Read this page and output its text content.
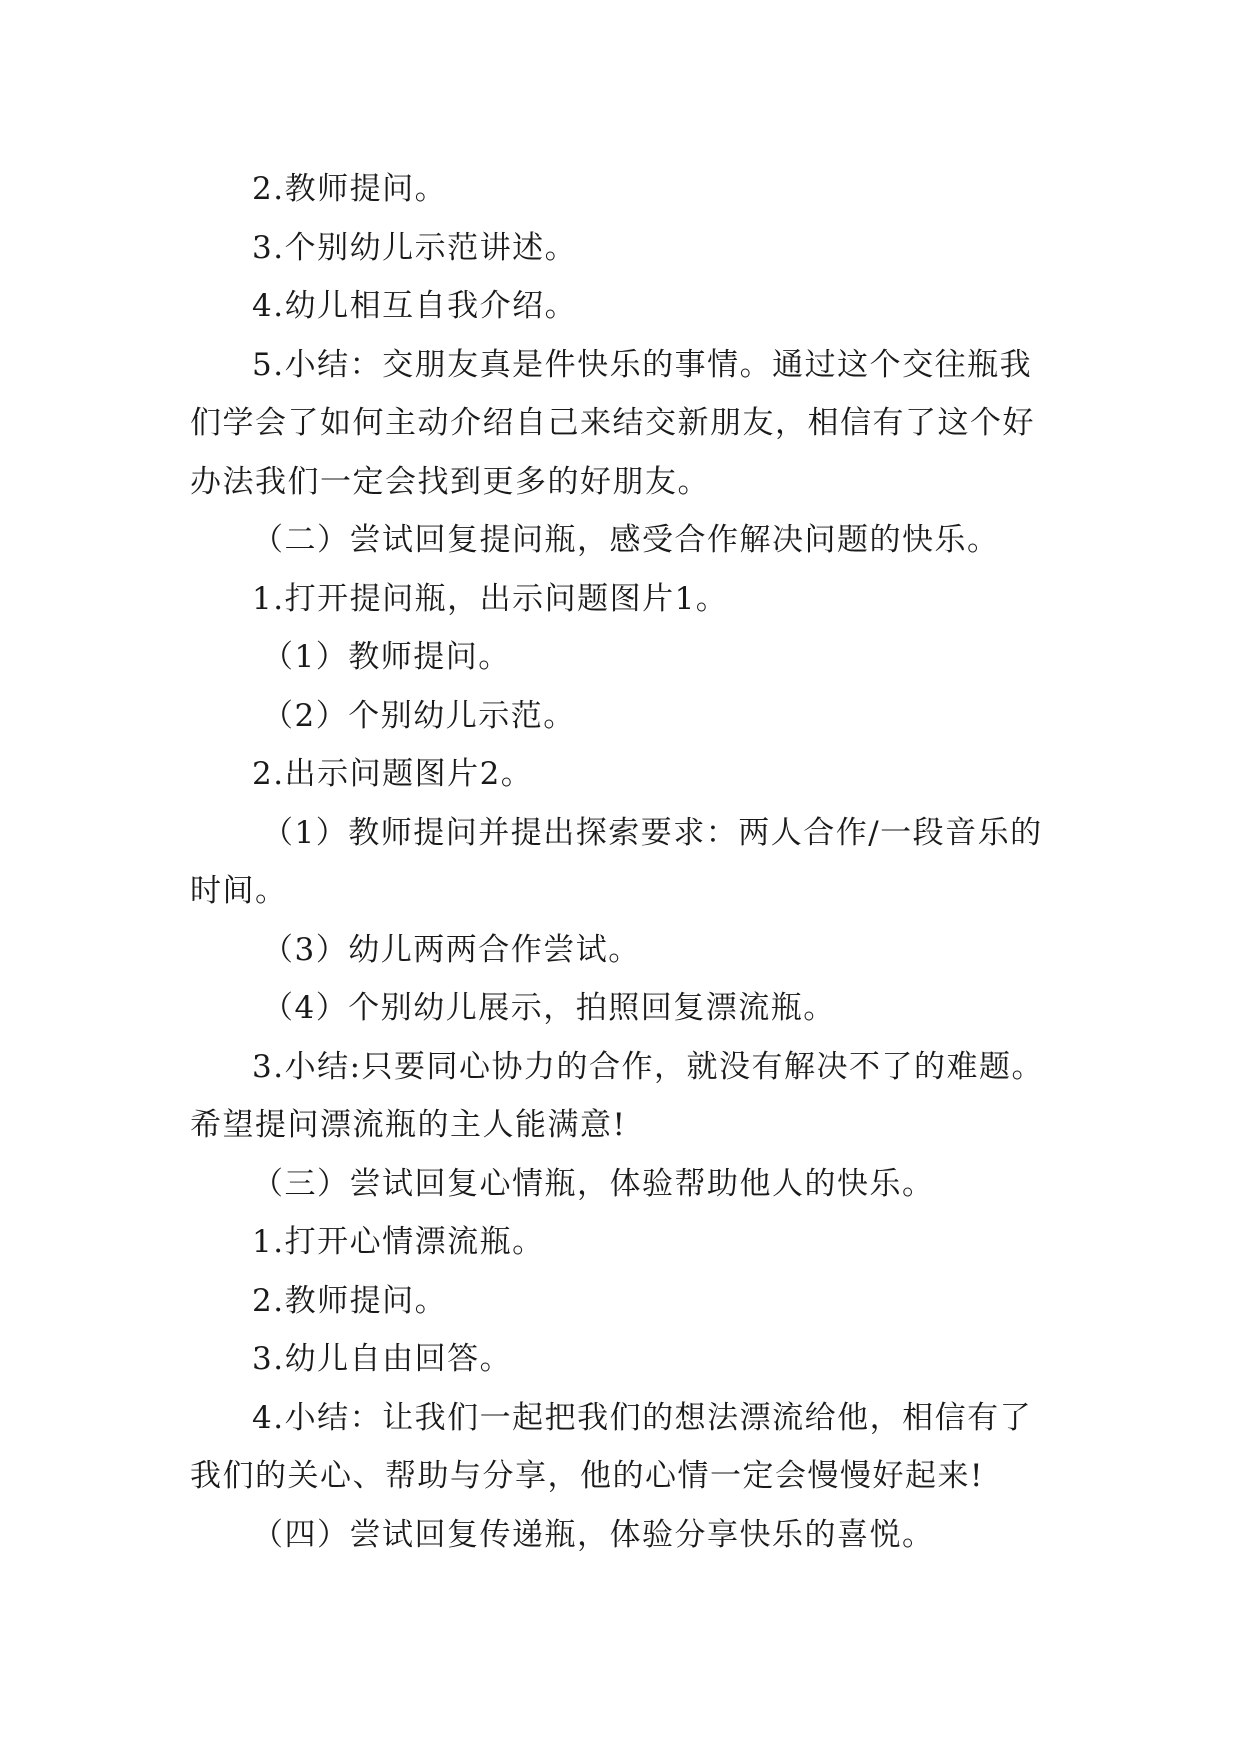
2.教师提问。
3.个别幼儿示范讲述。
4.幼儿相互自我介绍。
5.小结：交朋友真是件快乐的事情。通过这个交往瓶我
们学会了如何主动介绍自己来结交新朋友，相信有了这个好
办法我们一定会找到更多的好朋友。
（二）尝试回复提问瓶，感受合作解决问题的快乐。
1.打开提问瓶，出示问题图片1。
（1）教师提问。
（2）个别幼儿示范。
2.出示问题图片2。
（1）教师提问并提出探索要求：两人合作/一段音乐的
时间。
（3）幼儿两两合作尝试。
（4）个别幼儿展示，拍照回复漂流瓶。
3.小结:只要同心协力的合作，就没有解决不了的难题。
希望提问漂流瓶的主人能满意!
（三）尝试回复心情瓶，体验帮助他人的快乐。
1.打开心情漂流瓶。
2.教师提问。
3.幼儿自由回答。
4.小结：让我们一起把我们的想法漂流给他，相信有了
我们的关心、帮助与分享，他的心情一定会慢慢好起来!
（四）尝试回复传递瓶，体验分享快乐的喜悦。
